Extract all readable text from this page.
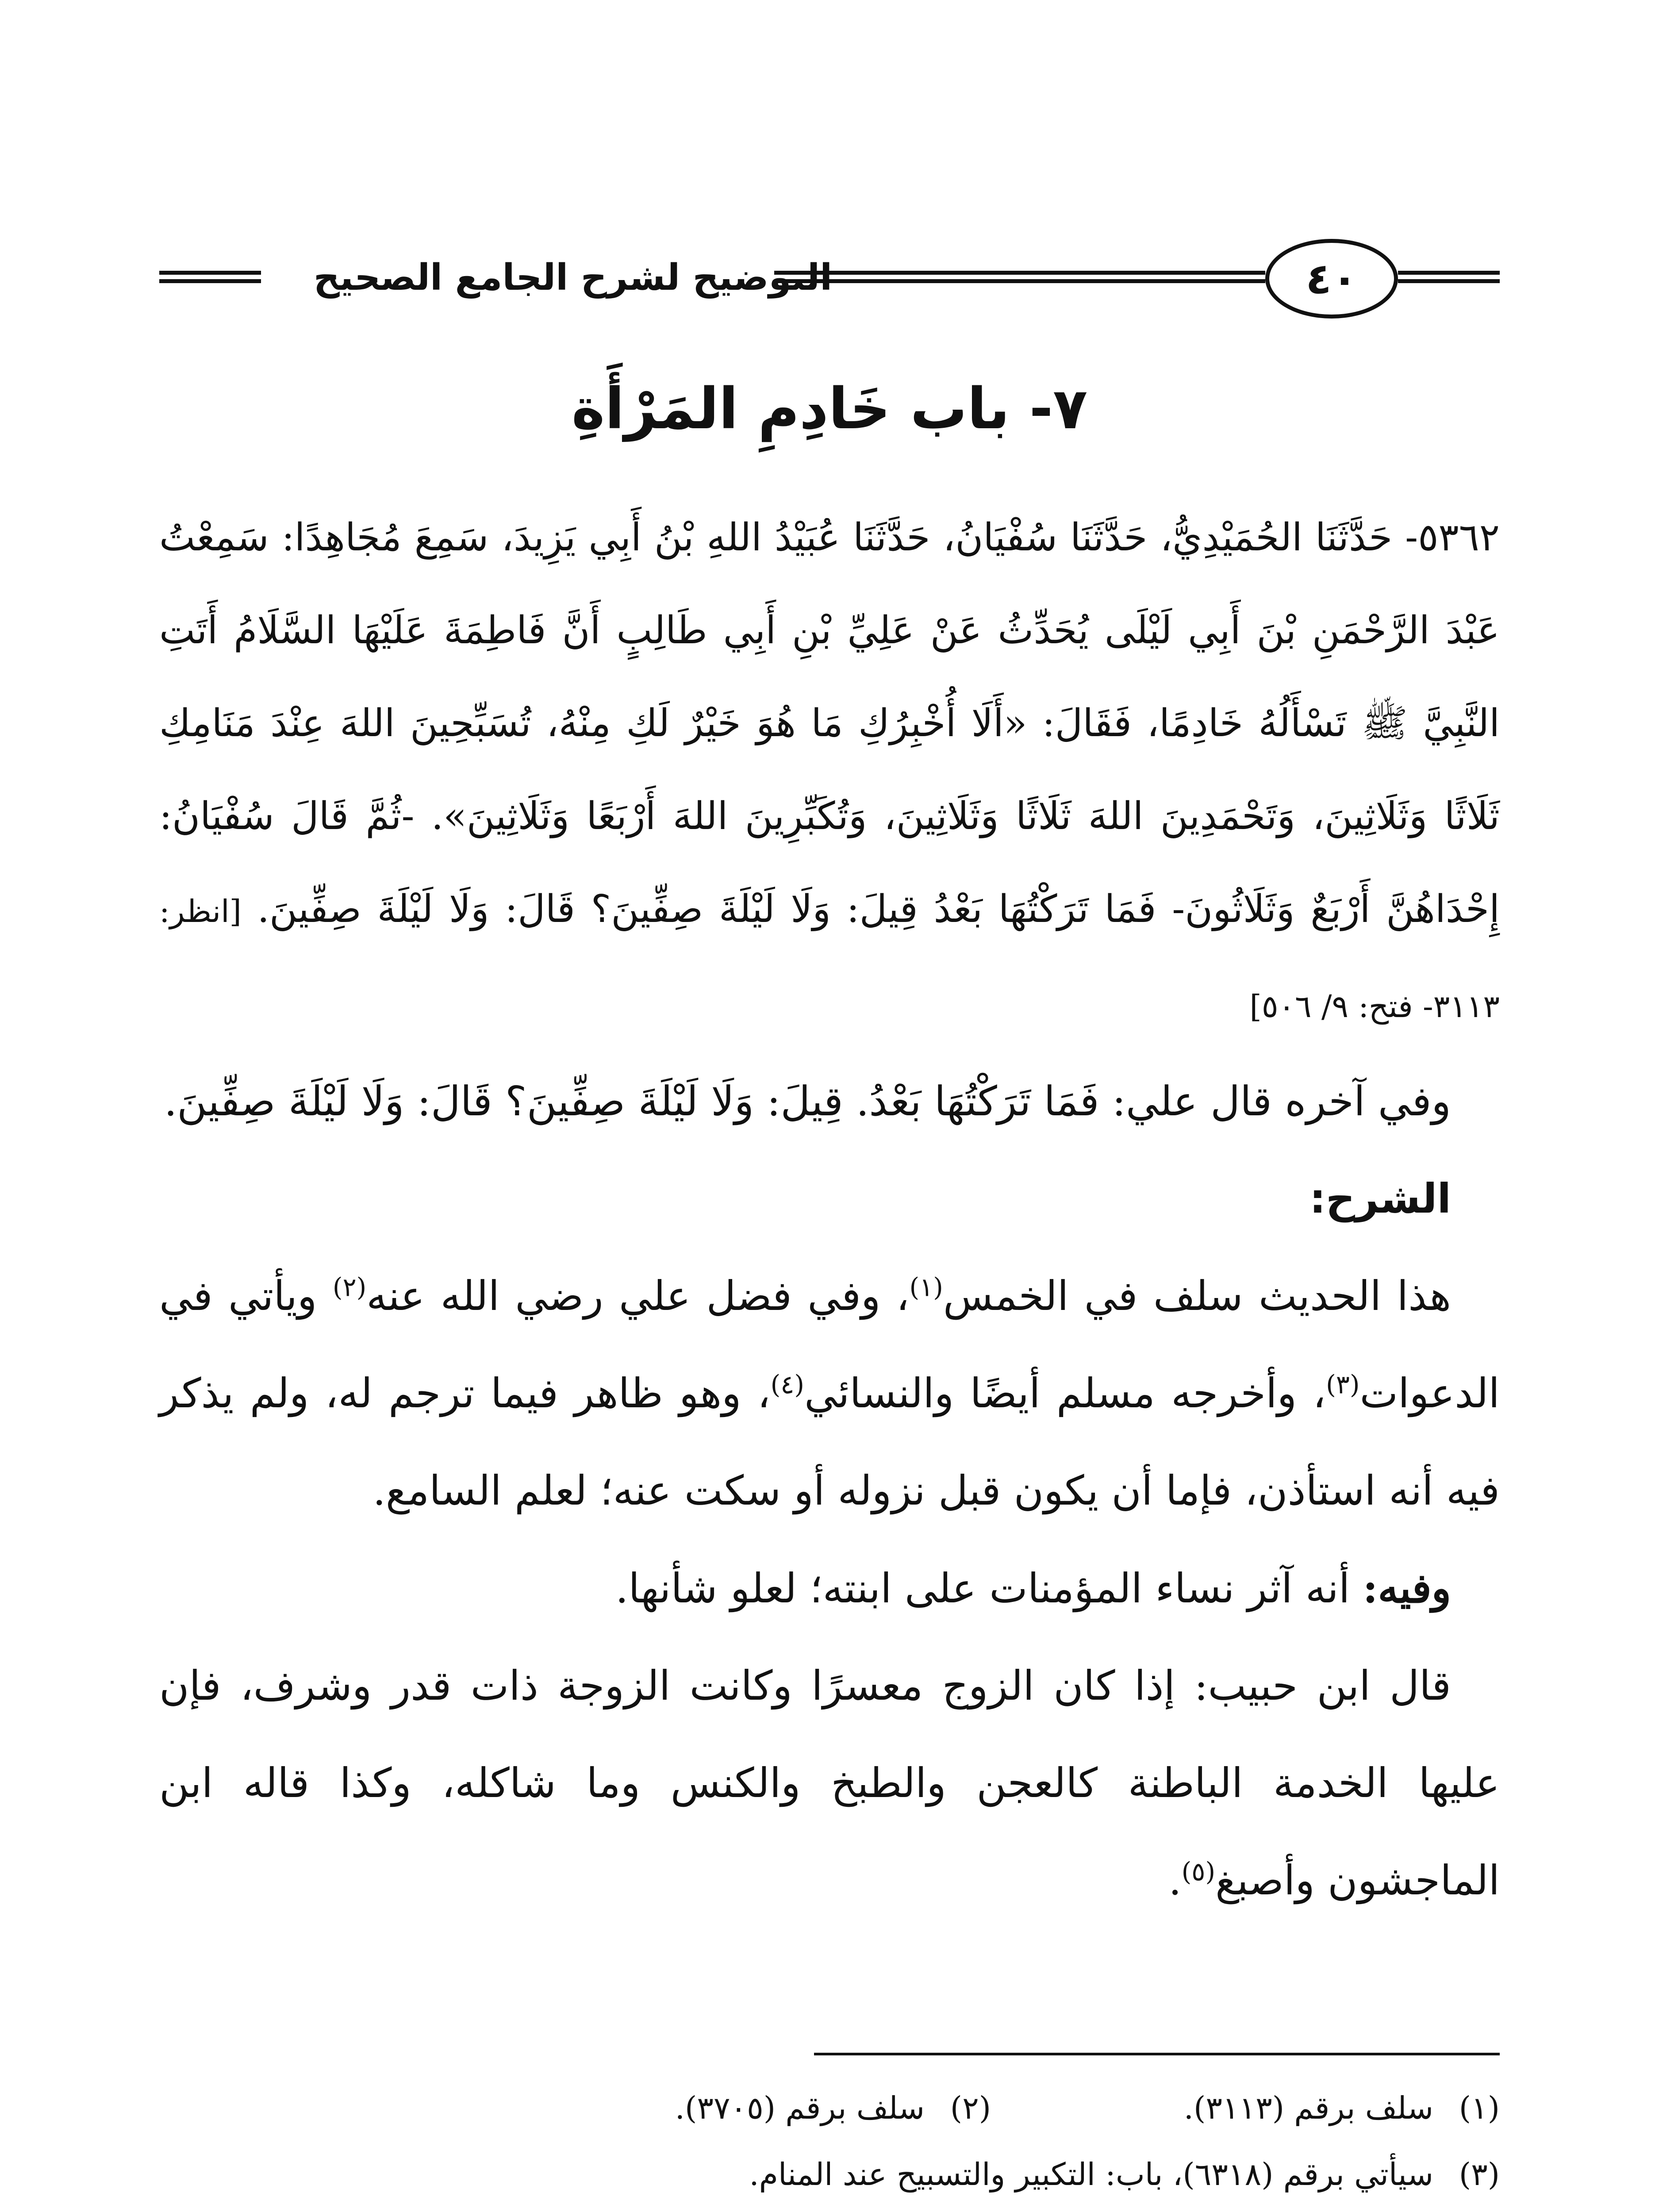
٤٠
التوضيح لشرح الجامع الصحيح
٧- باب خَادِمِ المَرْأَةِ

٥٣٦٢- حَدَّثَنَا الحُمَيْدِيُّ، حَدَّثَنَا سُفْيَانُ، حَدَّثَنَا عُبَيْدُ اللهِ بْنُ أَبِي يَزِيدَ، سَمِعَ مُجَاهِدًا: سَمِعْتُ عَبْدَ الرَّحْمَنِ بْنَ أَبِي لَيْلَى يُحَدِّثُ عَنْ عَلِيِّ بْنِ أَبِي طَالِبٍ أَنَّ فَاطِمَةَ عَلَيْهَا السَّلَامُ أَتَتِ النَّبِيَّ ﷺ تَسْأَلُهُ خَادِمًا، فَقَالَ: «أَلَا أُخْبِرُكِ مَا هُوَ خَيْرٌ لَكِ مِنْهُ، تُسَبِّحِينَ اللهَ عِنْدَ مَنَامِكِ ثَلَاثًا وَثَلَاثِينَ، وَتَحْمَدِينَ اللهَ ثَلَاثًا وَثَلَاثِينَ، وَتُكَبِّرِينَ اللهَ أَرْبَعًا وَثَلَاثِينَ». -ثُمَّ قَالَ سُفْيَانُ: إِحْدَاهُنَّ أَرْبَعٌ وَثَلَاثُونَ- فَمَا تَرَكْتُهَا بَعْدُ قِيلَ: وَلَا لَيْلَةَ صِفِّينَ؟ قَالَ: وَلَا لَيْلَةَ صِفِّينَ. [انظر: ٣١١٣- فتح: ٩/ ٥٠٦]

وفي آخره قال علي: فَمَا تَرَكْتُهَا بَعْدُ. قِيلَ: وَلَا لَيْلَةَ صِفِّينَ؟ قَالَ: وَلَا لَيْلَةَ صِفِّينَ.

الشرح:

هذا الحديث سلف في الخمس$^{(١)}$، وفي فضل علي رضي الله عنه$^{(٢)}$ ويأتي في الدعوات$^{(٣)}$، وأخرجه مسلم أيضًا والنسائي$^{(٤)}$، وهو ظاهر فيما ترجم له، ولم يذكر فيه أنه استأذن، فإما أن يكون قبل نزوله أو سكت عنه؛ لعلم السامع.

وفيه: أنه آثر نساء المؤمنات على ابنته؛ لعلو شأنها.

قال ابن حبيب: إذا كان الزوج معسرًا وكانت الزوجة ذات قدر وشرف، فإن عليها الخدمة الباطنة كالعجن والطبخ والكنس وما شاكله، وكذا قاله ابن الماجشون وأصبغ$^{(٥)}$.

(١)
سلف برقم (٣١١٣).
(٢)
سلف برقم (٣٧٠٥).
(٣)
سيأتي برقم (٦٣١٨)، باب: التكبير والتسبيح عند المنام.
